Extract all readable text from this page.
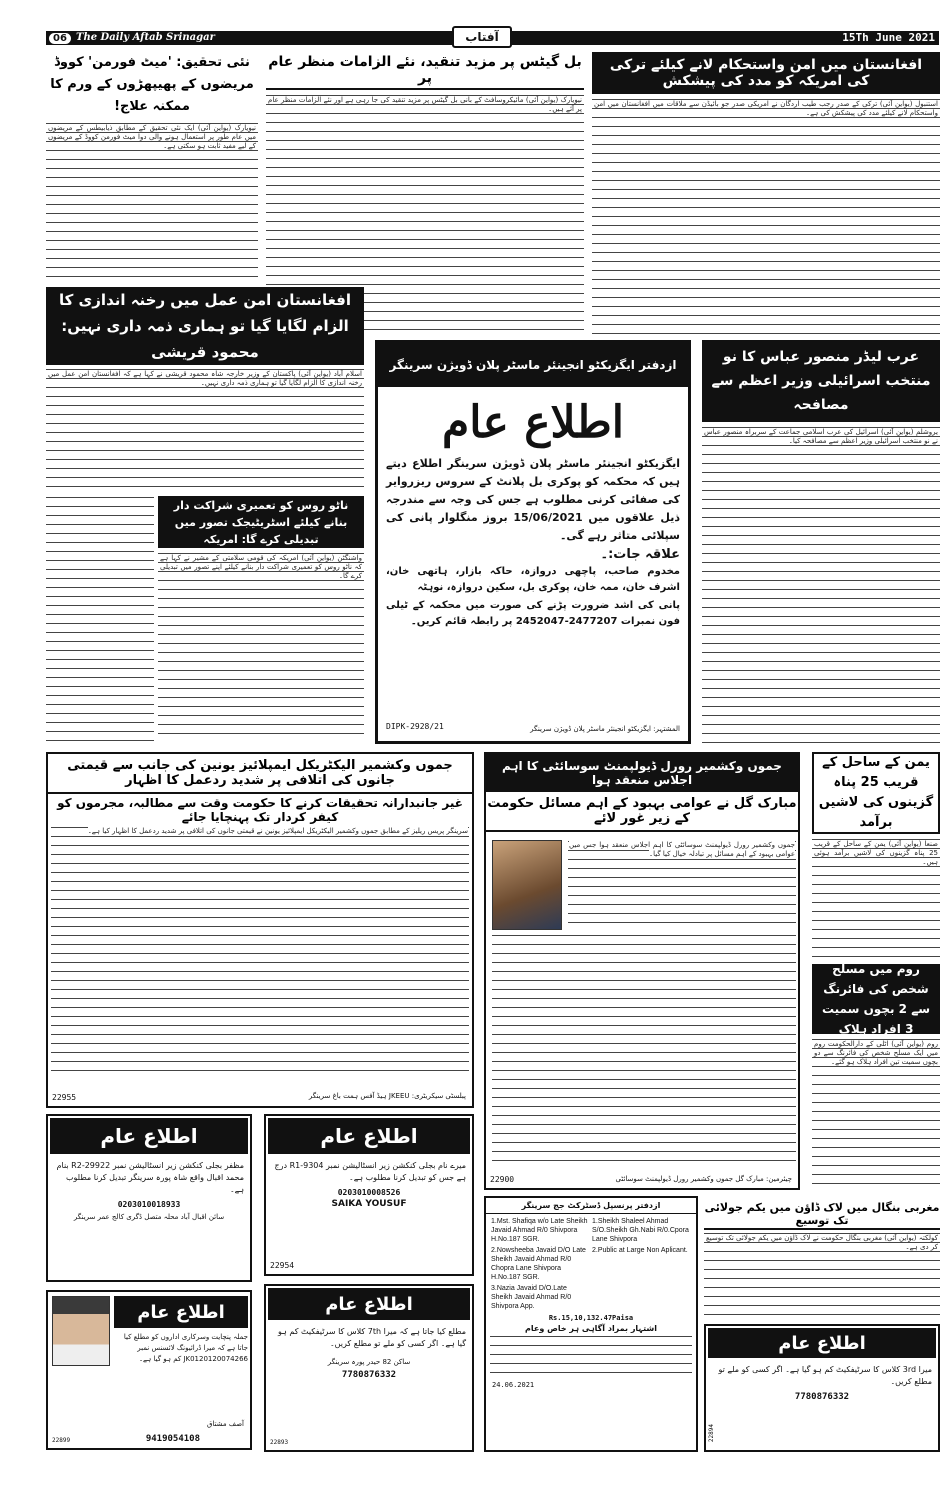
06 The Daily Aftab Srinagar	آفتاب	15Th June 2021
افغانستان میں امن واستحکام لانے کیلئے ترکی کی امریکہ کو مدد کی پیشکش
استنبول (یواین آئی) ترکی کے صدر رجب طیب اردگان نے امریکی صدر جو بائیڈن سے ملاقات میں افغانستان میں امن واستحکام لانے کیلئے مدد کی پیشکش کی ہے۔
بل گیٹس پر مزید تنقید، نئے الزامات منظر عام پر
نیویارک (یواین آئی) مائیکروسافٹ کے بانی بل گیٹس پر مزید تنقید کی جا رہی ہے اور نئے الزامات منظر عام پر آئے ہیں۔
نئی تحقیق: 'میٹ فورمن' کووڈ مریضوں کے پھیپھڑوں کے ورم کا ممکنہ علاج!
نیویارک (یواین آئی) ایک نئی تحقیق کے مطابق ذیابیطس کے مریضوں میں عام طور پر استعمال ہونے والی دوا میٹ فورمن کووڈ کے مریضوں کے لیے مفید ثابت ہو سکتی ہے۔
افغانستان امن عمل میں رخنہ اندازی کا الزام لگایا گیا تو ہماری ذمہ داری نہیں: محمود قریشی
اسلام آباد (یواین آئی) پاکستان کے وزیر خارجہ شاہ محمود قریشی نے کہا ہے کہ افغانستان امن عمل میں رخنہ اندازی کا الزام لگایا گیا تو ہماری ذمہ داری نہیں۔
ناٹو روس کو تعمیری شراکت دار بنانے کیلئے اسٹریٹیجک تصور میں تبدیلی کرے گا: امریکہ
واشنگٹن (یواین آئی) امریکہ کی قومی سلامتی کے مشیر نے کہا ہے کہ ناٹو روس کو تعمیری شراکت دار بنانے کیلئے اپنے تصور میں تبدیلی کرے گا۔
ازدفتر ایگزیکٹو انجینئر ماسٹر پلان ڈویژن سرینگر
اطلاع عام
ایگزیکٹو انجینئر ماسٹر پلان ڈویژن سرینگر اطلاع دیتے ہیں کہ محکمہ کو پوکری بل پلانٹ کے سروس ریزروایر کی صفائی کرنی مطلوب ہے جس کی وجہ سے مندرجہ ذیل علاقوں میں 15/06/2021 بروز منگلوار پانی کی سپلائی متاثر رہے گی۔
علاقہ جات:۔
مخدوم صاحب، پاچھی دروازہ، حاکہ بازار، ہاتھی خان، اشرف خان، ممہ خان، پوکری بل، سکین دروازہ، نوہٹہ
پانی کی اشد ضرورت پڑنے کی صورت میں محکمہ کے ٹیلی فون نمبرات 2477207-2452047 پر رابطہ قائم کریں۔
DIPK-2928/21	المشتہر: ایگزیکٹو انجینئر ماسٹر پلان ڈویژن سرینگر
عرب لیڈر منصور عباس کا نو منتخب اسرائیلی وزیر اعظم سے مصافحہ
یروشلم (یواین آئی) اسرائیل کی عرب اسلامی جماعت کے سربراہ منصور عباس نے نو منتخب اسرائیلی وزیر اعظم سے مصافحہ کیا۔
جموں وکشمیر الیکٹریکل ایمپلائیز یونین کی جانب سے قیمتی جانوں کی اتلافی پر شدید ردعمل کا اظہار
غیر جانبدارانہ تحقیقات کرنے کا حکومت وقت سے مطالبہ، مجرموں کو کیفر کردار تک پہنچایا جائے
سرینگر پریس ریلیز کے مطابق جموں وکشمیر الیکٹریکل ایمپلائیز یونین نے قیمتی جانوں کی اتلافی پر شدید ردعمل کا اظہار کیا ہے۔
22955	پبلسٹی سیکریٹری: JKEEU ہیڈ آفس ہمت باغ سرینگر
جموں وکشمیر رورل ڈیولپمنٹ سوسائٹی کا اہم اجلاس منعقد ہوا
مبارک گل نے عوامی بہبود کے اہم مسائل حکومت کے زیر غور لائے
جموں وکشمیر رورل ڈیولپمنٹ سوسائٹی کا اہم اجلاس منعقد ہوا جس میں عوامی بہبود کے اہم مسائل پر تبادلہ خیال کیا گیا۔
22900	چیئرمین: مبارک گل جموں وکشمیر رورل ڈیولپمنٹ سوسائٹی
یمن کے ساحل کے قریب 25 پناہ گزینوں کی لاشیں برآمد
صنعا (یواین آئی) یمن کے ساحل کے قریب 25 پناہ گزینوں کی لاشیں برآمد ہوئی ہیں۔
روم میں مسلح شخص کی فائرنگ سے 2 بچوں سمیت 3 افراد ہلاک
روم (یواین آئی) اٹلی کے دارالحکومت روم میں ایک مسلح شخص کی فائرنگ سے دو بچوں سمیت تین افراد ہلاک ہو گئے۔
اطلاع عام
مظفر بجلی کنکشن زیر انسٹالیشن نمبر R2-29922 بنام محمد اقبال واقع شاہ پورہ سرینگر تبدیل کرنا مطلوب ہے۔
0203010018933
سائن اقبال آباد محلہ متصل ڈگری کالج عمر سرینگر
اطلاع عام
میرے نام بجلی کنکشن زیر انسٹالیشن نمبر R1-9304 درج ہے جس کو تبدیل کرنا مطلوب ہے۔
0203010008526
SAIKA YOUSUF
22954
اطلاع عام
جملہ پنچایت وسرکاری اداروں کو مطلع کیا جاتا ہے کہ میرا ڈرائیونگ لائسنس نمبر JK0120120074266 کم ہو گیا ہے۔
آصف مشتاق
9419054108
22899
اطلاع عام
مطلع کیا جاتا ہے کہ میرا 7th کلاس کا سرٹیفکیٹ کم ہو گیا ہے۔ اگر کسی کو ملے تو مطلع کریں۔
ساکن 82 حیدر پورہ سرینگر
7780876332
22893
ازدفتر پرنسپل ڈسٹرکٹ جج سرینگر
1.Mst. Shafiqa w/o Late Sheikh Javaid Ahmad R/0 Shivpora H.No.187 SGR.
1.Sheikh Shaleel Ahmad S/O.Sheikh Gh.Nabi R/0.Cpora Lane Shivpora
2.Nowsheeba Javaid D/O Late Sheikh Javaid Ahmad R/0 Chopra Lane Shivpora H.No.187 SGR.
2.Public at Large Non Aplicant.
3.Nazia Javaid D/O.Late Sheikh Javaid Ahmad R/0 Shivpora App.
Rs.15,10,132.47Paisa
اشتہار بمراد آگاہی ہر خاص وعام
24.06.2021
مغربی بنگال میں لاک ڈاؤن میں یکم جولائی تک توسیع
کولکتہ (یواین آئی) مغربی بنگال حکومت نے لاک ڈاؤن میں یکم جولائی تک توسیع کر دی ہے۔
اطلاع عام
میرا 3rd کلاس کا سرٹیفکیٹ کم ہو گیا ہے۔ اگر کسی کو ملے تو مطلع کریں۔
7780876332
22894
